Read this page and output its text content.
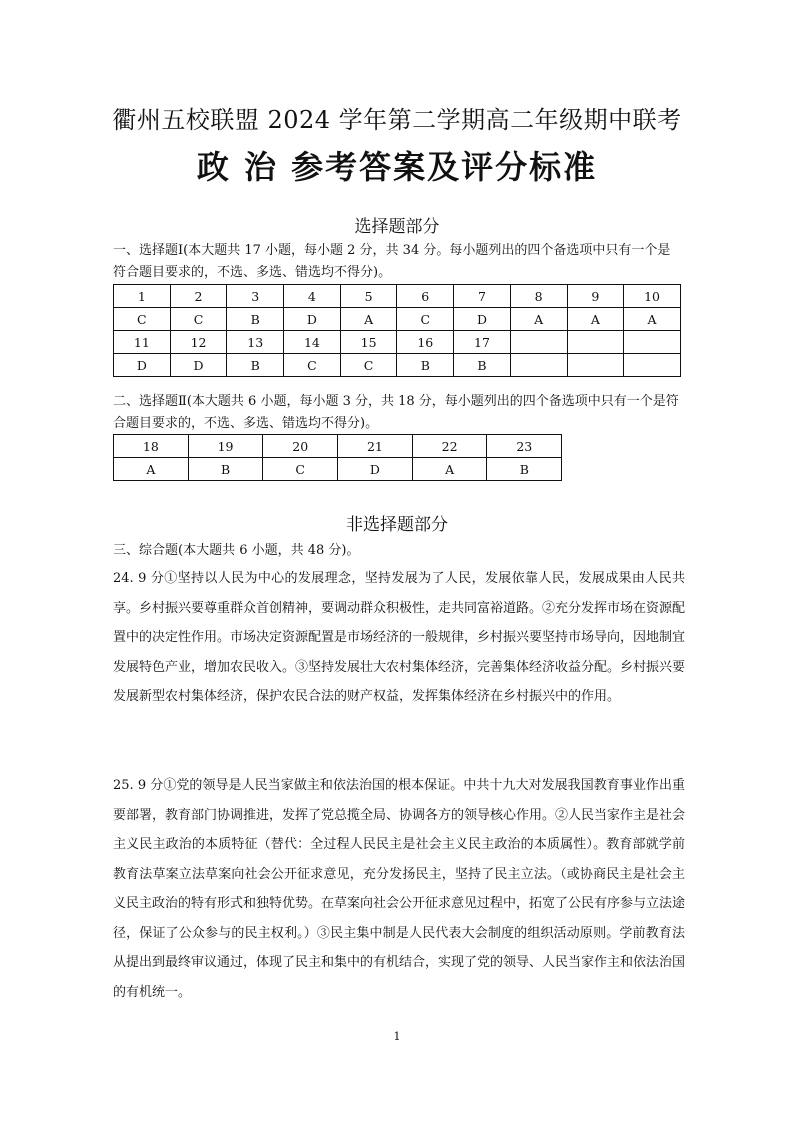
衢州五校联盟 2024 学年第二学期高二年级期中联考
政 治 参考答案及评分标准
选择题部分
一、选择题Ⅰ(本大题共 17 小题，每小题 2 分，共 34 分。每小题列出的四个备选项中只有一个是符合题目要求的，不选、多选、错选均不得分)。
1	2	3	4	5	6	7	8	9	10
C	C	B	D	A	C	D	A	A	A
11	12	13	14	15	16	17			
D	D	B	C	C	B	B			
二、选择题Ⅱ(本大题共 6 小题，每小题 3 分，共 18 分，每小题列出的四个备选项中只有一个是符合题目要求的，不选、多选、错选均不得分)。
18	19	20	21	22	23
A	B	C	D	A	B
非选择题部分
三、综合题(本大题共 6 小题，共 48 分)。
24. 9 分①坚持以人民为中心的发展理念，坚持发展为了人民，发展依靠人民，发展成果由人民共享。乡村振兴要尊重群众首创精神，要调动群众积极性，走共同富裕道路。②充分发挥市场在资源配置中的决定性作用。市场决定资源配置是市场经济的一般规律，乡村振兴要坚持市场导向，因地制宜发展特色产业，增加农民收入。③坚持发展壮大农村集体经济，完善集体经济收益分配。乡村振兴要发展新型农村集体经济，保护农民合法的财产权益，发挥集体经济在乡村振兴中的作用。
25. 9 分①党的领导是人民当家做主和依法治国的根本保证。中共十九大对发展我国教育事业作出重要部署，教育部门协调推进，发挥了党总揽全局、协调各方的领导核心作用。②人民当家作主是社会主义民主政治的本质特征（替代：全过程人民民主是社会主义民主政治的本质属性）。教育部就学前教育法草案立法草案向社会公开征求意见，充分发扬民主，坚持了民主立法。（或协商民主是社会主义民主政治的特有形式和独特优势。在草案向社会公开征求意见过程中，拓宽了公民有序参与立法途径，保证了公众参与的民主权利。）③民主集中制是人民代表大会制度的组织活动原则。学前教育法从提出到最终审议通过，体现了民主和集中的有机结合，实现了党的领导、人民当家作主和依法治国的有机统一。
1
